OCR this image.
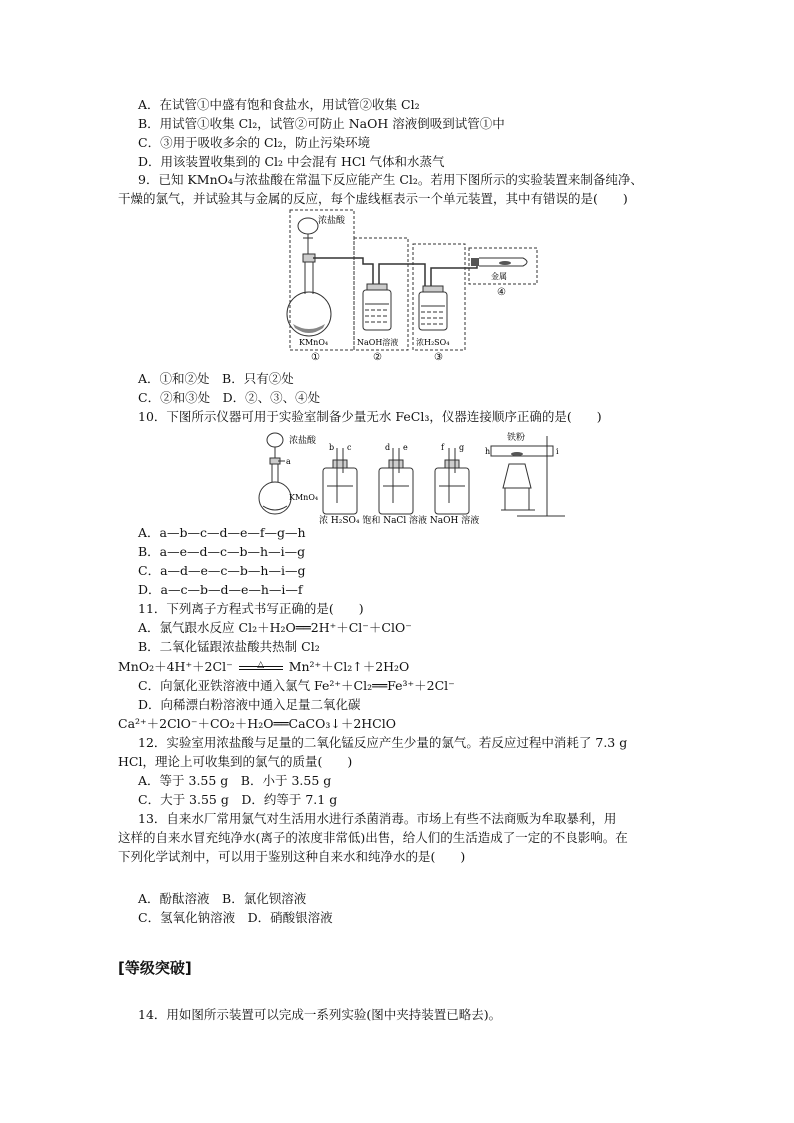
A．在试管①中盛有饱和食盐水，用试管②收集 Cl₂
B．用试管①收集 Cl₂，试管②可防止 NaOH 溶液倒吸到试管①中
C．③用于吸收多余的 Cl₂，防止污染环境
D．用该装置收集到的 Cl₂ 中会混有 HCl 气体和水蒸气
9．已知 KMnO₄与浓盐酸在常温下反应能产生 Cl₂。若用下图所示的实验装置来制备纯净、
干燥的氯气，并试验其与金属的反应，每个虚线框表示一个单元装置，其中有错误的是(　　)
浓盐酸
KMnO₄	NaOH溶液 浓H₂SO₄
金属
①	②	③
④
A．①和②处　B．只有②处
C．②和③处　D．②、③、④处
10．下图所示仪器可用于实验室制备少量无水 FeCl₃，仪器连接顺序正确的是(　　)
浓盐酸
KMnO₄
铁粉
a
b c	d e	f g	h	i
浓 H₂SO₄ 饱和 NaCl 溶液 NaOH 溶液
A．a—b—c—d—e—f—g—h
B．a—e—d—c—b—h—i—g
C．a—d—e—c—b—h—i—g
D．a—c—b—d—e—h—i—f
11．下列离子方程式书写正确的是(　　)
A．氯气跟水反应 Cl₂＋H₂O══2H⁺＋Cl⁻＋ClO⁻
B．二氧化锰跟浓盐酸共热制 Cl₂
MnO₂＋4H⁺＋2Cl⁻	△	Mn²⁺＋Cl₂↑＋2H₂O
C．向氯化亚铁溶液中通入氯气 Fe²⁺＋Cl₂══Fe³⁺＋2Cl⁻
D．向稀漂白粉溶液中通入足量二氧化碳
Ca²⁺＋2ClO⁻＋CO₂＋H₂O══CaCO₃↓＋2HClO
12．实验室用浓盐酸与足量的二氧化锰反应产生少量的氯气。若反应过程中消耗了 7.3 g
HCl，理论上可收集到的氯气的质量(　　)
A．等于 3.55 g　B．小于 3.55 g
C．大于 3.55 g　D．约等于 7.1 g
13．自来水厂常用氯气对生活用水进行杀菌消毒。市场上有些不法商贩为牟取暴利，用
这样的自来水冒充纯净水(离子的浓度非常低)出售，给人们的生活造成了一定的不良影响。在
下列化学试剂中，可以用于鉴别这种自来水和纯净水的是(　　)
A．酚酞溶液　B．氯化钡溶液
C．氢氧化钠溶液　D．硝酸银溶液
[等级突破]
14．用如图所示装置可以完成一系列实验(图中夹持装置已略去)。
